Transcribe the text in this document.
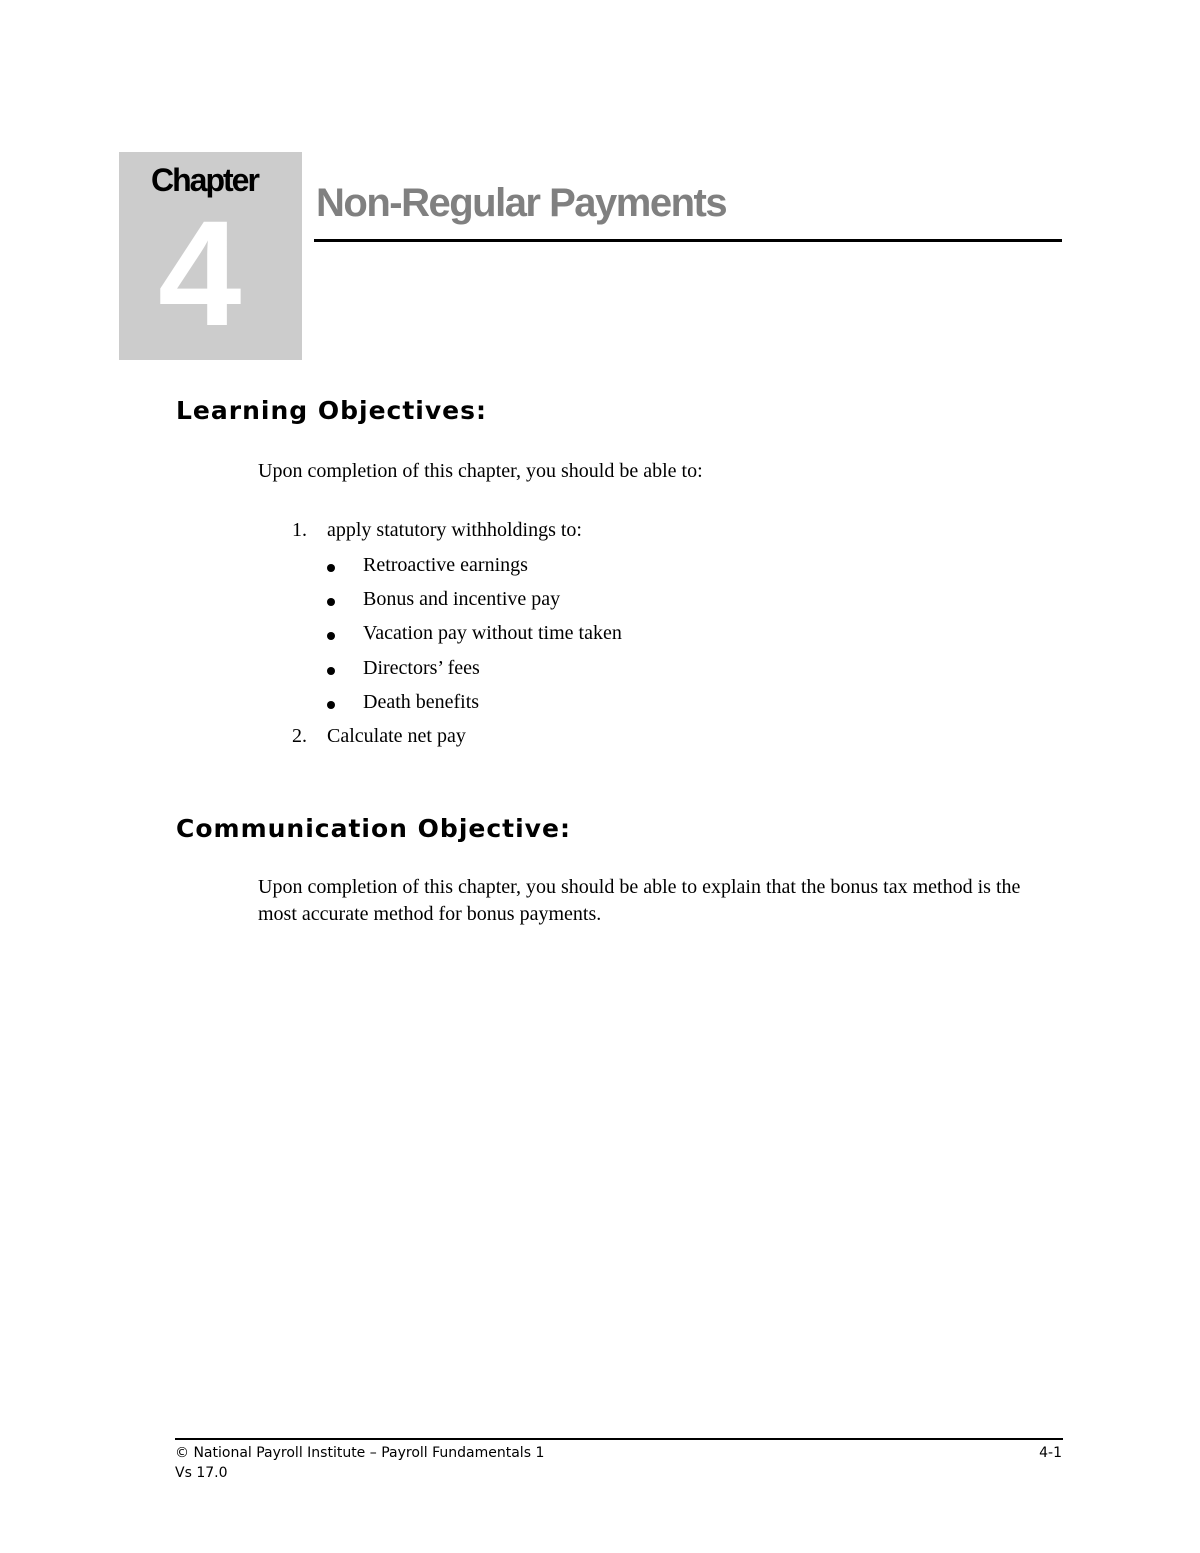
Chapter
4 Non-Regular Payments
Learning Objectives:
Upon completion of this chapter, you should be able to:
1. apply statutory withholdings to:
Retroactive earnings
Bonus and incentive pay
Vacation pay without time taken
Directors’ fees
Death benefits
2. Calculate net pay
Communication Objective:
Upon completion of this chapter, you should be able to explain that the bonus tax method is the most accurate method for bonus payments.
© National Payroll Institute – Payroll Fundamentals 1
Vs 17.0
4-1
